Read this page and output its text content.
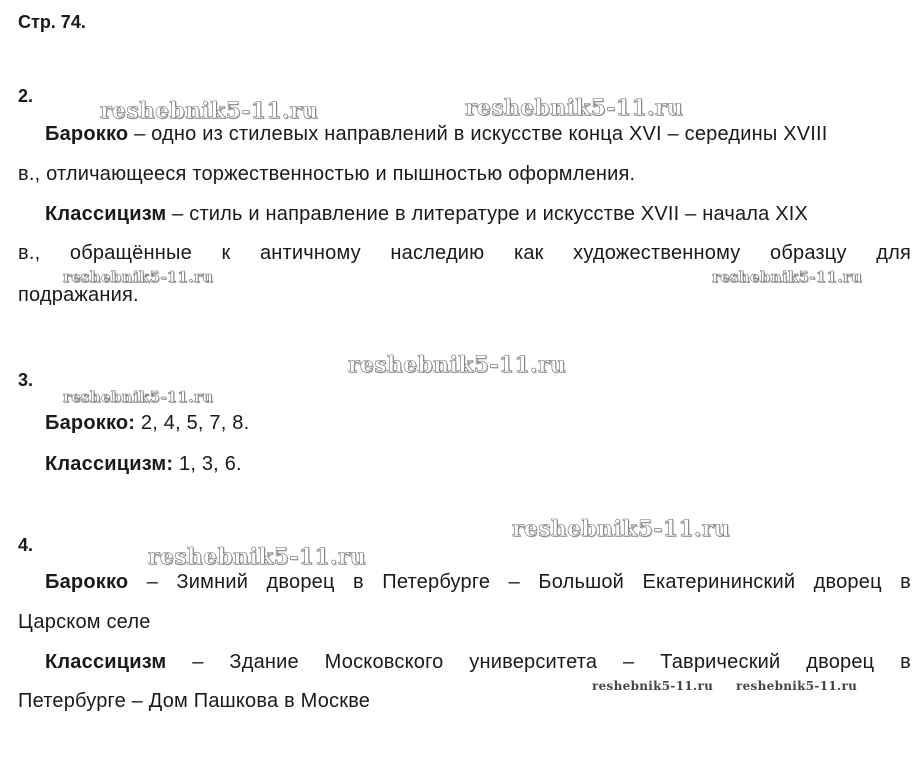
Стр. 74.
2.
Барокко – одно из стилевых направлений в искусстве конца XVI – середины XVIII
в., отличающееся торжественностью и пышностью оформления.
Классицизм – стиль и направление в литературе и искусстве XVII – начала XIX
в., обращённые к античному наследию как художественному образцу для
подражания.
3.
Барокко: 2, 4, 5, 7, 8.
Классицизм: 1, 3, 6.
4.
Барокко – Зимний дворец в Петербурге – Большой Екатерининский дворец в
Царском селе
Классицизм – Здание Московского университета – Таврический дворец в
Петербурге – Дом Пашкова в Москве
reshebnik5-11.ru	reshebnik5-11.ru
reshebnik5-11.ru	reshebnik5-11.ru
reshebnik5-11.ru
reshebnik5-11.ru
reshebnik5-11.ru
reshebnik5-11.ru
reshebnik5-11.ru reshebnik5-11.ru
